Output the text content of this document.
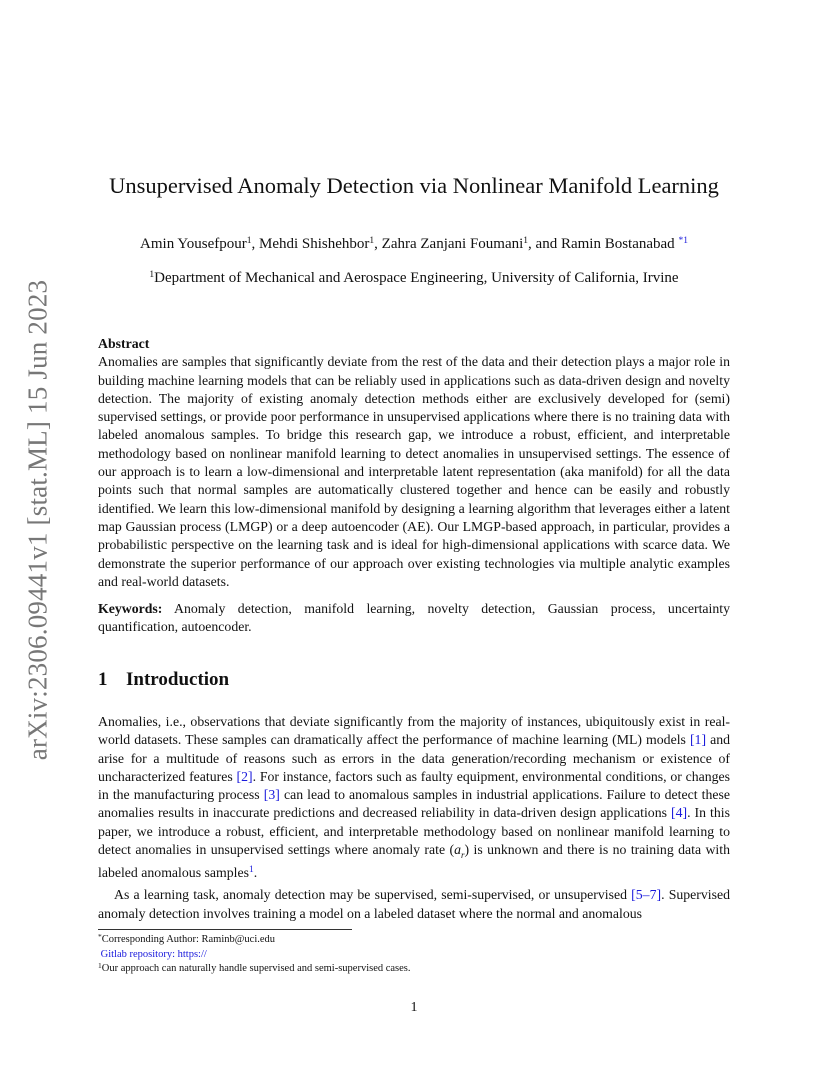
arXiv:2306.09441v1 [stat.ML] 15 Jun 2023
Unsupervised Anomaly Detection via Nonlinear Manifold Learning
Amin Yousefpour$^1$, Mehdi Shishehbor$^1$, Zahra Zanjani Foumani$^1$, and Ramin Bostanabad $^{*1}$
$^1$Department of Mechanical and Aerospace Engineering, University of California, Irvine
Abstract
Anomalies are samples that significantly deviate from the rest of the data and their detection plays a major role in building machine learning models that can be reliably used in applications such as data-driven design and novelty detection. The majority of existing anomaly detection methods either are exclusively developed for (semi) supervised settings, or provide poor performance in unsupervised applications where there is no training data with labeled anomalous samples. To bridge this research gap, we introduce a robust, efficient, and interpretable methodology based on nonlinear manifold learning to detect anomalies in unsupervised settings. The essence of our approach is to learn a low-dimensional and interpretable latent representation (aka manifold) for all the data points such that normal samples are automatically clustered together and hence can be easily and robustly identified. We learn this low-dimensional manifold by designing a learning algorithm that leverages either a latent map Gaussian process (LMGP) or a deep autoencoder (AE). Our LMGP-based approach, in particular, provides a probabilistic perspective on the learning task and is ideal for high-dimensional applications with scarce data. We demonstrate the superior performance of our approach over existing technologies via multiple analytic examples and real-world datasets.
Keywords: Anomaly detection, manifold learning, novelty detection, Gaussian process, uncertainty quantification, autoencoder.
1 Introduction

Anomalies, i.e., observations that deviate significantly from the majority of instances, ubiquitously exist in real-world datasets. These samples can dramatically affect the performance of machine learning (ML) models [1] and arise for a multitude of reasons such as errors in the data generation/recording mechanism or existence of uncharacterized features [2]. For instance, factors such as faulty equipment, environmental conditions, or changes in the manufacturing process [3] can lead to anomalous samples in industrial applications. Failure to detect these anomalies results in inaccurate predictions and decreased reliability in data-driven design applications [4]. In this paper, we introduce a robust, efficient, and interpretable methodology based on nonlinear manifold learning to detect anomalies in unsupervised settings where anomaly rate $(a_r)$ is unknown and there is no training data with labeled anomalous samples$^1$.

As a learning task, anomaly detection may be supervised, semi-supervised, or unsupervised [5–7]. Supervised anomaly detection involves training a model on a labeled dataset where the normal and anomalous

*Corresponding Author: Raminb@uci.edu
Gitlab repository: https://
$^1$Our approach can naturally handle supervised and semi-supervised cases.
1
